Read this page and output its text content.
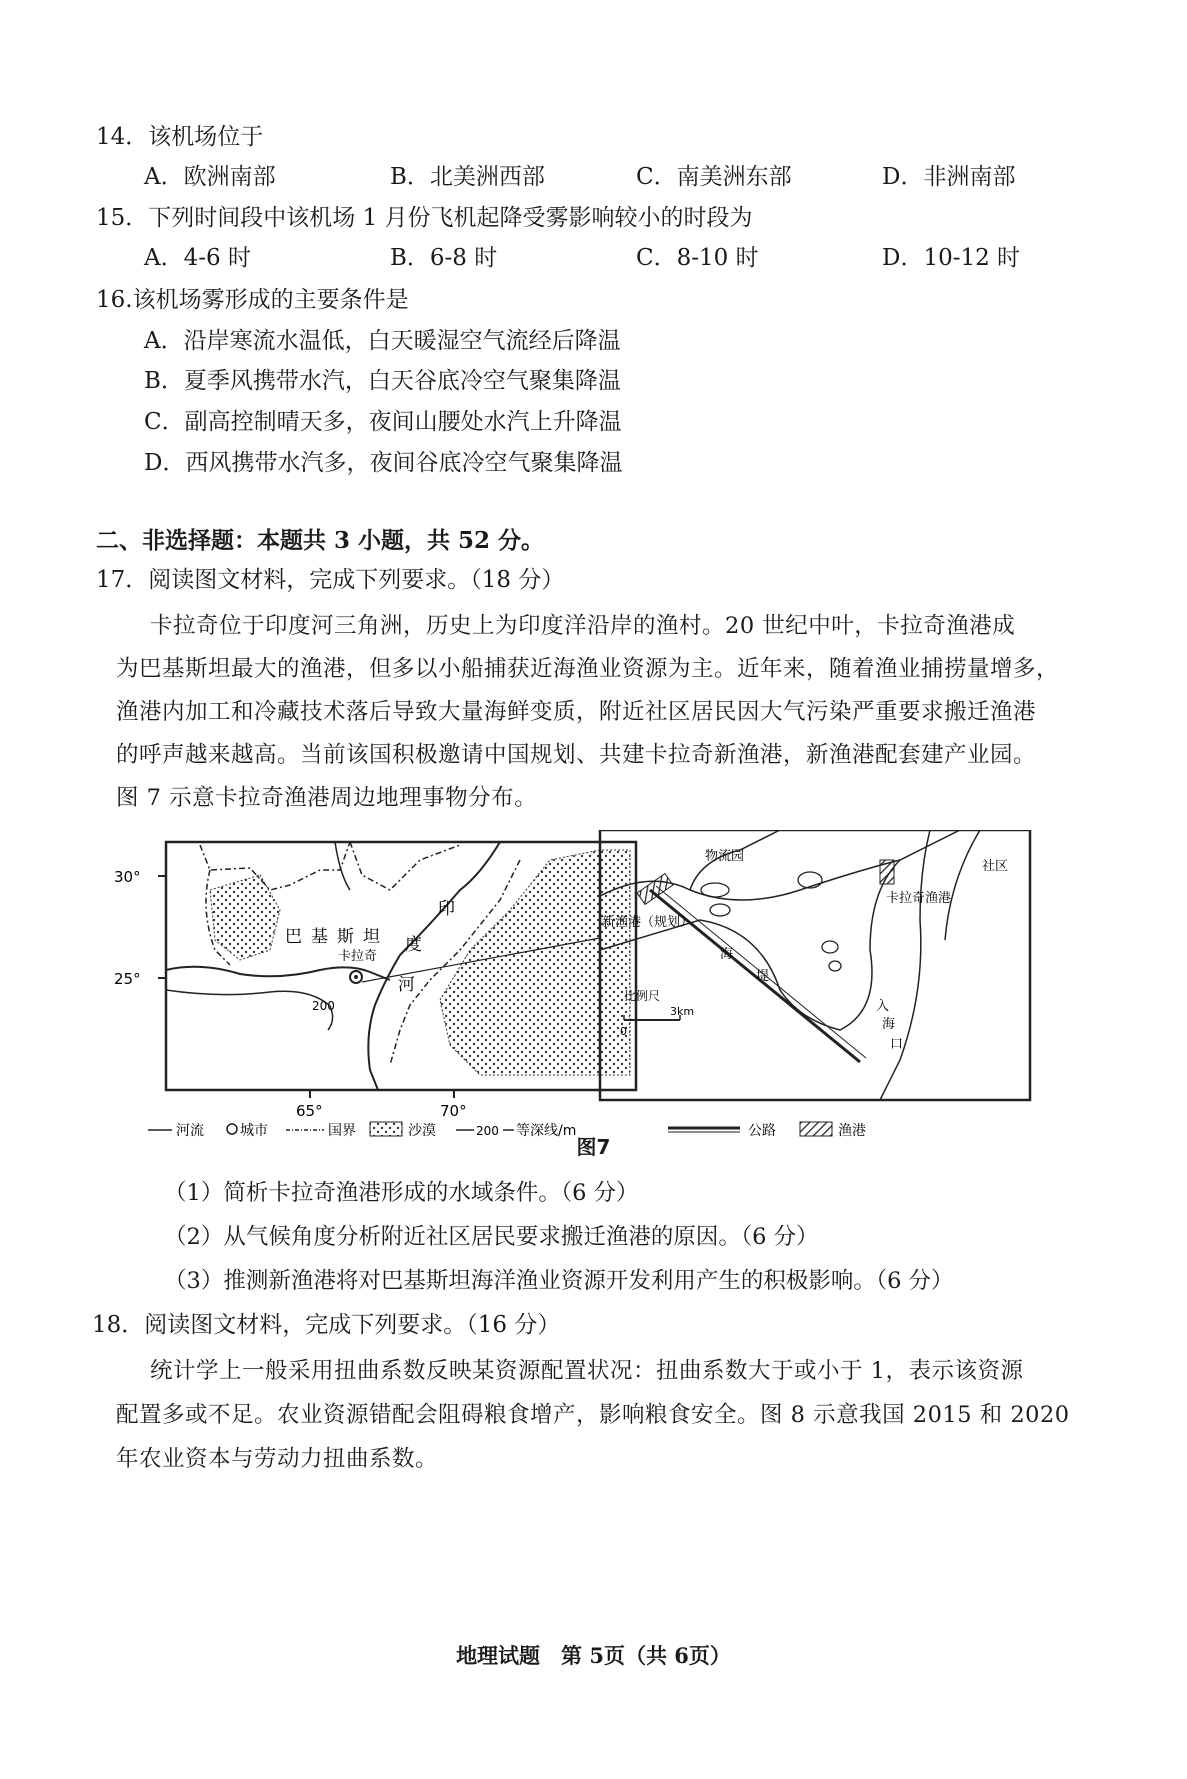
14．该机场位于
A．欧洲南部	B．北美洲西部	C．南美洲东部	D．非洲南部
15．下列时间段中该机场 1 月份飞机起降受雾影响较小的时段为
A．4-6 时	B．6-8 时	C．8-10 时	D．10-12 时
16.该机场雾形成的主要条件是
A．沿岸寒流水温低，白天暖湿空气流经后降温
B．夏季风携带水汽，白天谷底冷空气聚集降温
C．副高控制晴天多，夜间山腰处水汽上升降温
D．西风携带水汽多，夜间谷底冷空气聚集降温
二、非选择题：本题共 3 小题，共 52 分。
17．阅读图文材料，完成下列要求。（18 分）
卡拉奇位于印度河三角洲，历史上为印度洋沿岸的渔村。20 世纪中叶，卡拉奇渔港成
为巴基斯坦最大的渔港，但多以小船捕获近海渔业资源为主。近年来，随着渔业捕捞量增多，
渔港内加工和冷藏技术落后导致大量海鲜变质，附近社区居民因大气污染严重要求搬迁渔港
的呼声越来越高。当前该国积极邀请中国规划、共建卡拉奇新渔港，新渔港配套建产业园。
图 7 示意卡拉奇渔港周边地理事物分布。
30°
25°
65°	70°
巴 基 斯 坦
印
度
河
卡拉奇
200
物流园
社区
卡拉奇渔港
新渔港（规划）
海
堤
比例尺
0
3km	入
海
口
河流	城市	国界	沙漠	200 等深线/m	公路	渔港
图7
（1）简析卡拉奇渔港形成的水域条件。（6 分）
（2）从气候角度分析附近社区居民要求搬迁渔港的原因。（6 分）
（3）推测新渔港将对巴基斯坦海洋渔业资源开发利用产生的积极影响。（6 分）
18．阅读图文材料，完成下列要求。（16 分）
统计学上一般采用扭曲系数反映某资源配置状况：扭曲系数大于或小于 1，表示该资源
配置多或不足。农业资源错配会阻碍粮食增产，影响粮食安全。图 8 示意我国 2015 和 2020
年农业资本与劳动力扭曲系数。
地理试题　第 5页（共 6页）
